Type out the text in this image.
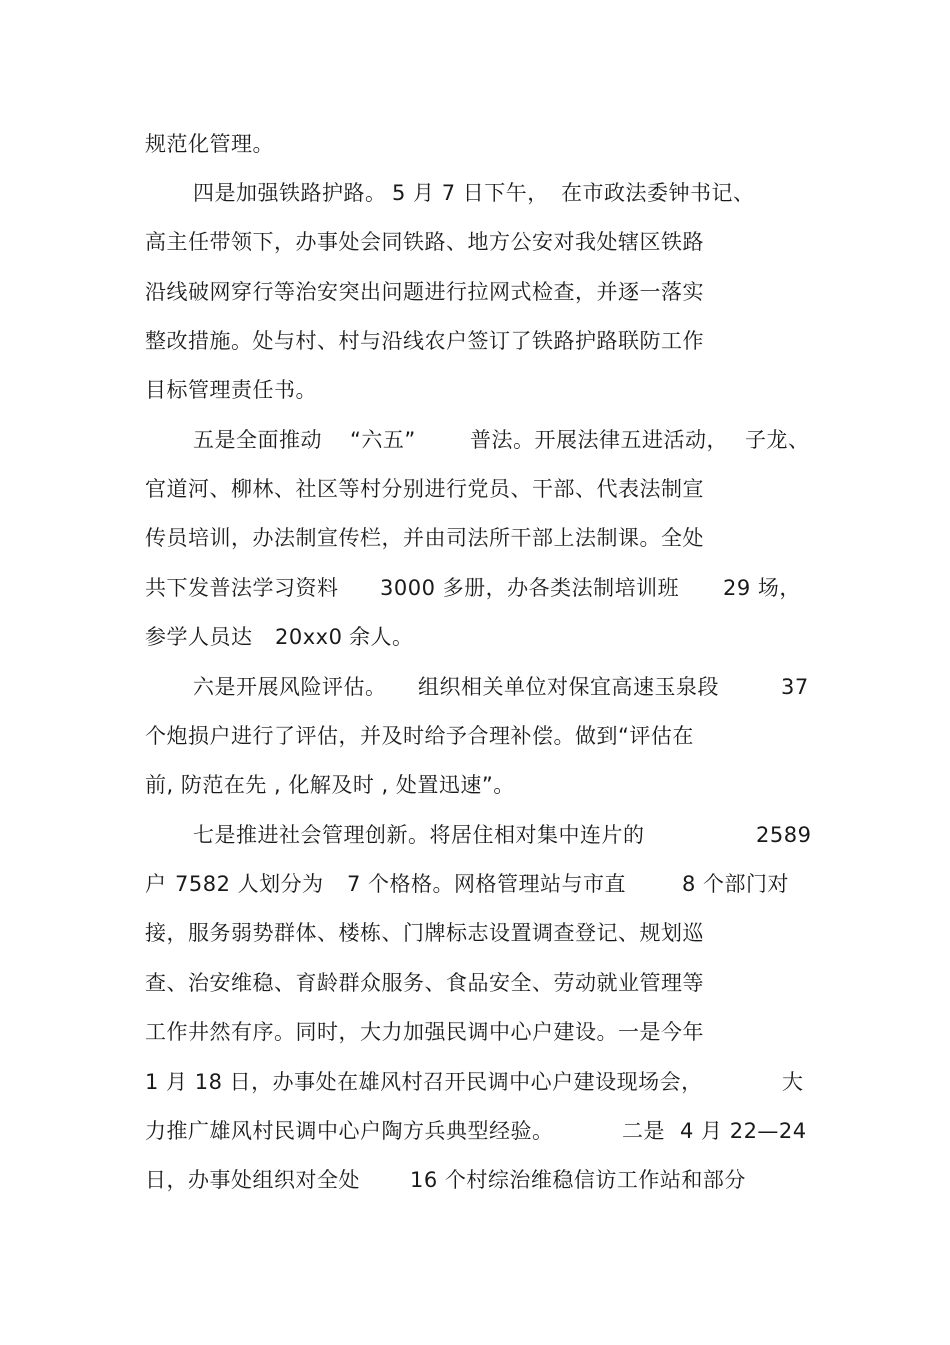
规范化管理。
四是加强铁路护路。 5 月 7 日下午， 在市政法委钟书记、
高主任带领下，办事处会同铁路、地方公安对我处辖区铁路
沿线破网穿行等治安突出问题进行拉网式检查，并逐一落实
整改措施。处与村、村与沿线农户签订了铁路护路联防工作
目标管理责任书。
五是全面推动 “六五”	普法。开展法律五进活动， 子龙、
官道河、柳林、社区等村分别进行党员、干部、代表法制宣
传员培训，办法制宣传栏，并由司法所干部上法制课。全处
共下发普法学习资料 3000 多册，办各类法制培训班 29 场，
参学人员达 20xx0 余人。
六是开展风险评估。 组织相关单位对保宜高速玉泉段	37
个炮损户进行了评估，并及时给予合理补偿。做到“评估在
前, 防范在先 , 化解及时 , 处置迅速”。
七是推进社会管理创新。将居住相对集中连片的	2589
户 7582 人划分为 7 个格格。网格管理站与市直	8 个部门对
接，服务弱势群体、楼栋、门牌标志设置调查登记、规划巡
查、治安维稳、育龄群众服务、食品安全、劳动就业管理等
工作井然有序。同时，大力加强民调中心户建设。一是今年
1 月 18 日，办事处在雄风村召开民调中心户建设现场会，	大
力推广雄风村民调中心户陶方兵典型经验。	二是 4 月 22—24
日，办事处组织对全处 16 个村综治维稳信访工作站和部分
